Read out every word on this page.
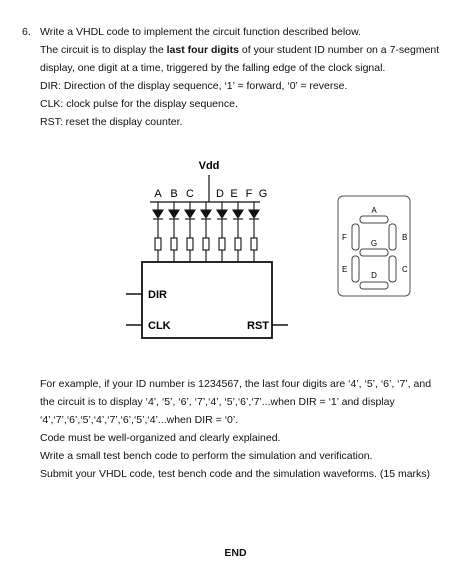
6. Write a VHDL code to implement the circuit function described below.
The circuit is to display the last four digits of your student ID number on a 7-segment
display, one digit at a time, triggered by the falling edge of the clock signal.
DIR: Direction of the display sequence, ‘1’ = forward, ‘0’ = reverse.
CLK: clock pulse for the display sequence.
RST: reset the display counter.
Vdd
A B C D E F G
DIR
CLK	RST
A
B
C
D
E
F
G
For example, if your ID number is 1234567, the last four digits are ‘4’, ‘5’, ‘6’, ‘7’, and
the circuit is to display ‘4’, ‘5’, ‘6’, ‘7’,‘4’, ‘5’,‘6’,‘7’...when DIR = ‘1’ and display
‘4’,‘7’,‘6’,‘5’,‘4’,‘7’,‘6’,‘5’,‘4’...when DIR = ‘0’.
Code must be well-organized and clearly explained.
Write a small test bench code to perform the simulation and verification.
Submit your VHDL code, test bench code and the simulation waveforms. (15 marks)
END
